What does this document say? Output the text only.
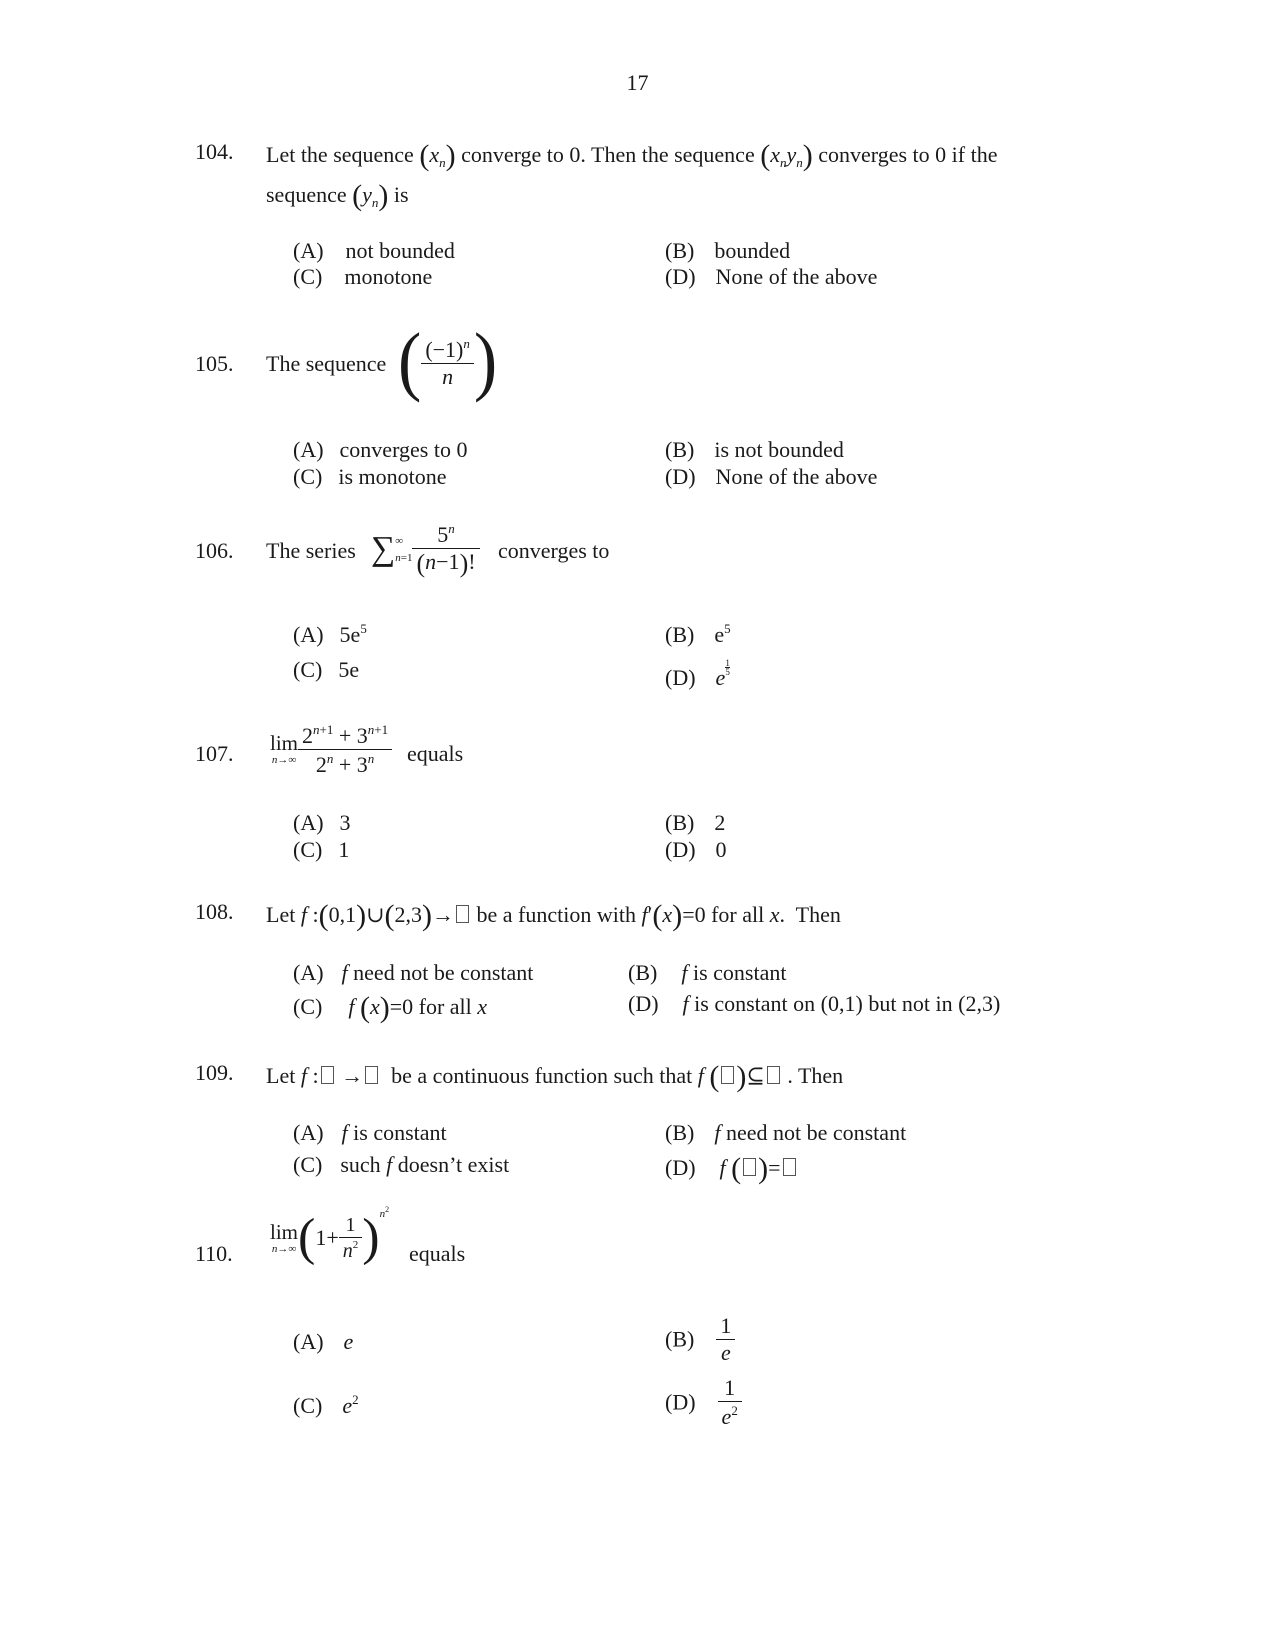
17
104. Let the sequence $(x_n)$ converge to 0. Then the sequence $(x_ny_n)$ converges to 0 if the
sequence $(y_n)$ is
(A) not bounded	(B) bounded
(C) monotone	(D) None of the above
105. The sequence ( $\frac{(-1)^n}{n}$ )
(A) converges to 0	(B) is not bounded
(C) is monotone	(D) None of the above
106. The series ∑ ∞
$n=1 \frac{5^n}{(n-1)!}$ converges to
(A) $5e^5$	(B) $e^5$
(C) 5e	(D) e $\frac{1}{5}$
107. lim
$n\to\infty \frac{2^{n+1} + 3^{n+1}}{2^n + 3^n}$ equals
(A) 3	(B) 2
(C) 1	(D) 0
108. Let f :(0,1)∪(2,3)→ be a function with f′(x)=0 for all x.  Then
(A) f need not be constant	(B) f is constant
(C) f (x)=0 for all x	(D) f is constant on (0,1) but not in (2,3)
109. Let f : → be a continuous function such that f ( )⊆ . Then
(A) f is constant	(B) f need not be constant
(C) such f doesn’t exist	(D) f ( )=
110.
lim
n→∞ $(1+ \frac{1}{n^2} )n^2$
equals
(A) e	$(B) \frac{1}{e}$
(C) $e^2$	$(D) \frac{1}{e^2}$
